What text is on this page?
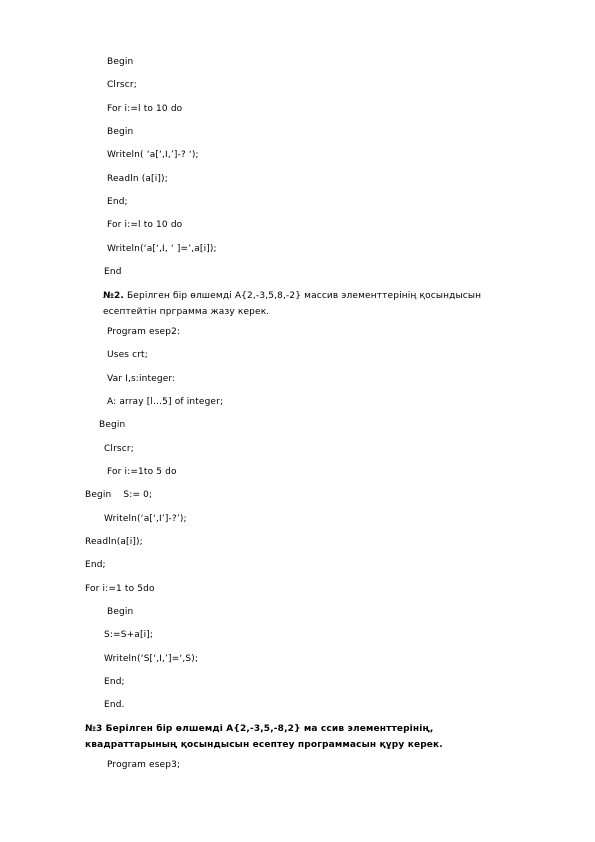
Begin
Clrscr;
For i:=l to 10 do
Begin
Writeln( ‘a[‘,I,’]-? ‘);
Readln (a[i]);
End;
For i:=l to 10 do
Writeln(‘a[‘,I, ‘ ]=’,a[i]);
End
№2. Берілген бір өлшемді A{2,-3,5,8,-2} массив элементтерінің қосындысын есептейтін прграмма жазу керек.
Program esep2:
Uses crt;
Var I,s:integer:
A: array [l…5] of integer;
Begin
Clrscr;
For i:=1to 5 do
Begin    S:= 0;
Writeln(‘a[‘,I’]-?’);
Readln(a[i]);
End;
For i:=1 to 5do
Begin
S:=S+a[i];
Writeln(‘S[‘,I,’]=‘,S);
End;
End.
№3 Берілген бір өлшемді A{2,-3,5,-8,2} ма ссив элементтерінің, квадраттарының қосындысын есептеу программасын құру керек.
Program esep3;
